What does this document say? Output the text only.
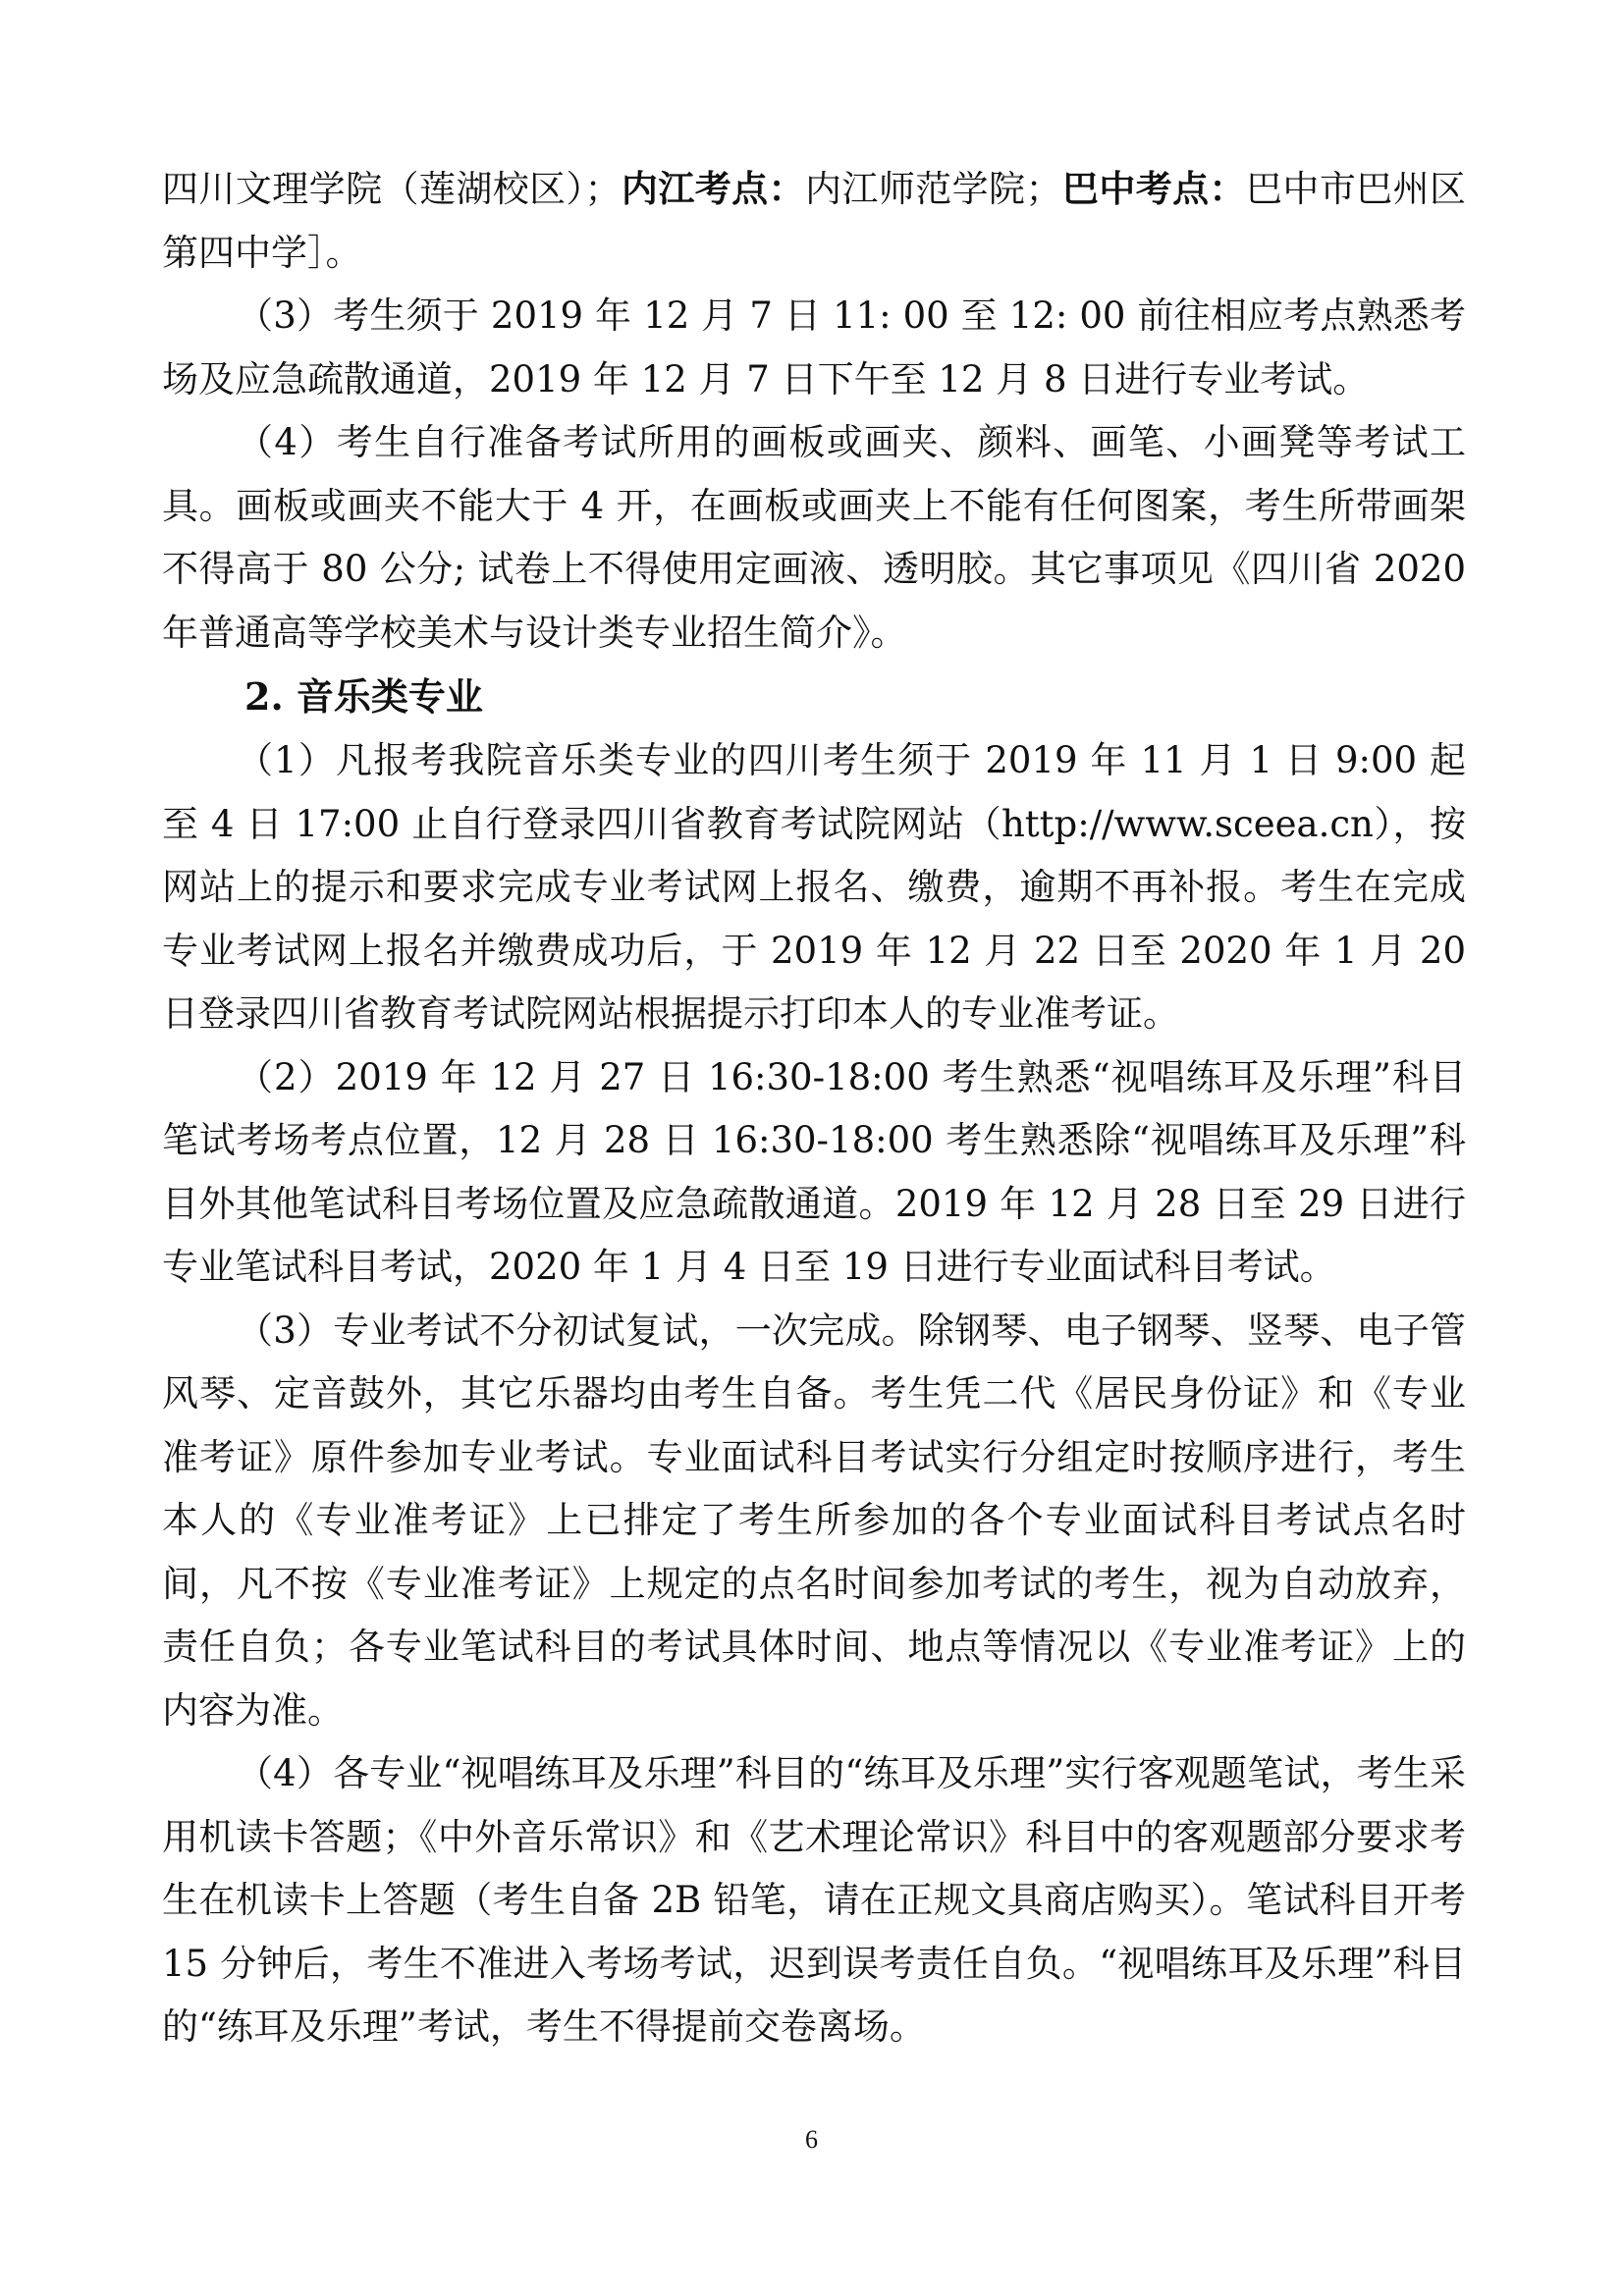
四川文理学院（莲湖校区）；内江考点：内江师范学院；巴中考点：巴中市巴州区第四中学］。

（3）考生须于 2019 年 12 月 7 日 11: 00 至 12: 00 前往相应考点熟悉考场及应急疏散通道，2019 年 12 月 7 日下午至 12 月 8 日进行专业考试。

（4）考生自行准备考试所用的画板或画夹、颜料、画笔、小画凳等考试工具。画板或画夹不能大于 4 开，在画板或画夹上不能有任何图案，考生所带画架不得高于 80 公分; 试卷上不得使用定画液、透明胶。其它事项见《四川省 2020 年普通高等学校美术与设计类专业招生简介》。

2. 音乐类专业

（1）凡报考我院音乐类专业的四川考生须于 2019 年 11 月 1 日 9:00 起至 4 日 17:00 止自行登录四川省教育考试院网站（http://www.sceea.cn），按网站上的提示和要求完成专业考试网上报名、缴费，逾期不再补报。考生在完成专业考试网上报名并缴费成功后，于 2019 年 12 月 22 日至 2020 年 1 月 20 日登录四川省教育考试院网站根据提示打印本人的专业准考证。

（2）2019 年 12 月 27 日 16:30-18:00 考生熟悉“视唱练耳及乐理”科目笔试考场考点位置，12 月 28 日 16:30-18:00 考生熟悉除“视唱练耳及乐理”科目外其他笔试科目考场位置及应急疏散通道。2019 年 12 月 28 日至 29 日进行专业笔试科目考试，2020 年 1 月 4 日至 19 日进行专业面试科目考试。

（3）专业考试不分初试复试，一次完成。除钢琴、电子钢琴、竖琴、电子管风琴、定音鼓外，其它乐器均由考生自备。考生凭二代《居民身份证》和《专业准考证》原件参加专业考试。专业面试科目考试实行分组定时按顺序进行，考生本人的《专业准考证》上已排定了考生所参加的各个专业面试科目考试点名时间，凡不按《专业准考证》上规定的点名时间参加考试的考生，视为自动放弃，责任自负；各专业笔试科目的考试具体时间、地点等情况以《专业准考证》上的内容为准。

（4）各专业“视唱练耳及乐理”科目的“练耳及乐理”实行客观题笔试，考生采用机读卡答题；《中外音乐常识》和《艺术理论常识》科目中的客观题部分要求考生在机读卡上答题（考生自备 2B 铅笔，请在正规文具商店购买）。笔试科目开考 15 分钟后，考生不准进入考场考试，迟到误考责任自负。“视唱练耳及乐理”科目的“练耳及乐理”考试，考生不得提前交卷离场。

6
